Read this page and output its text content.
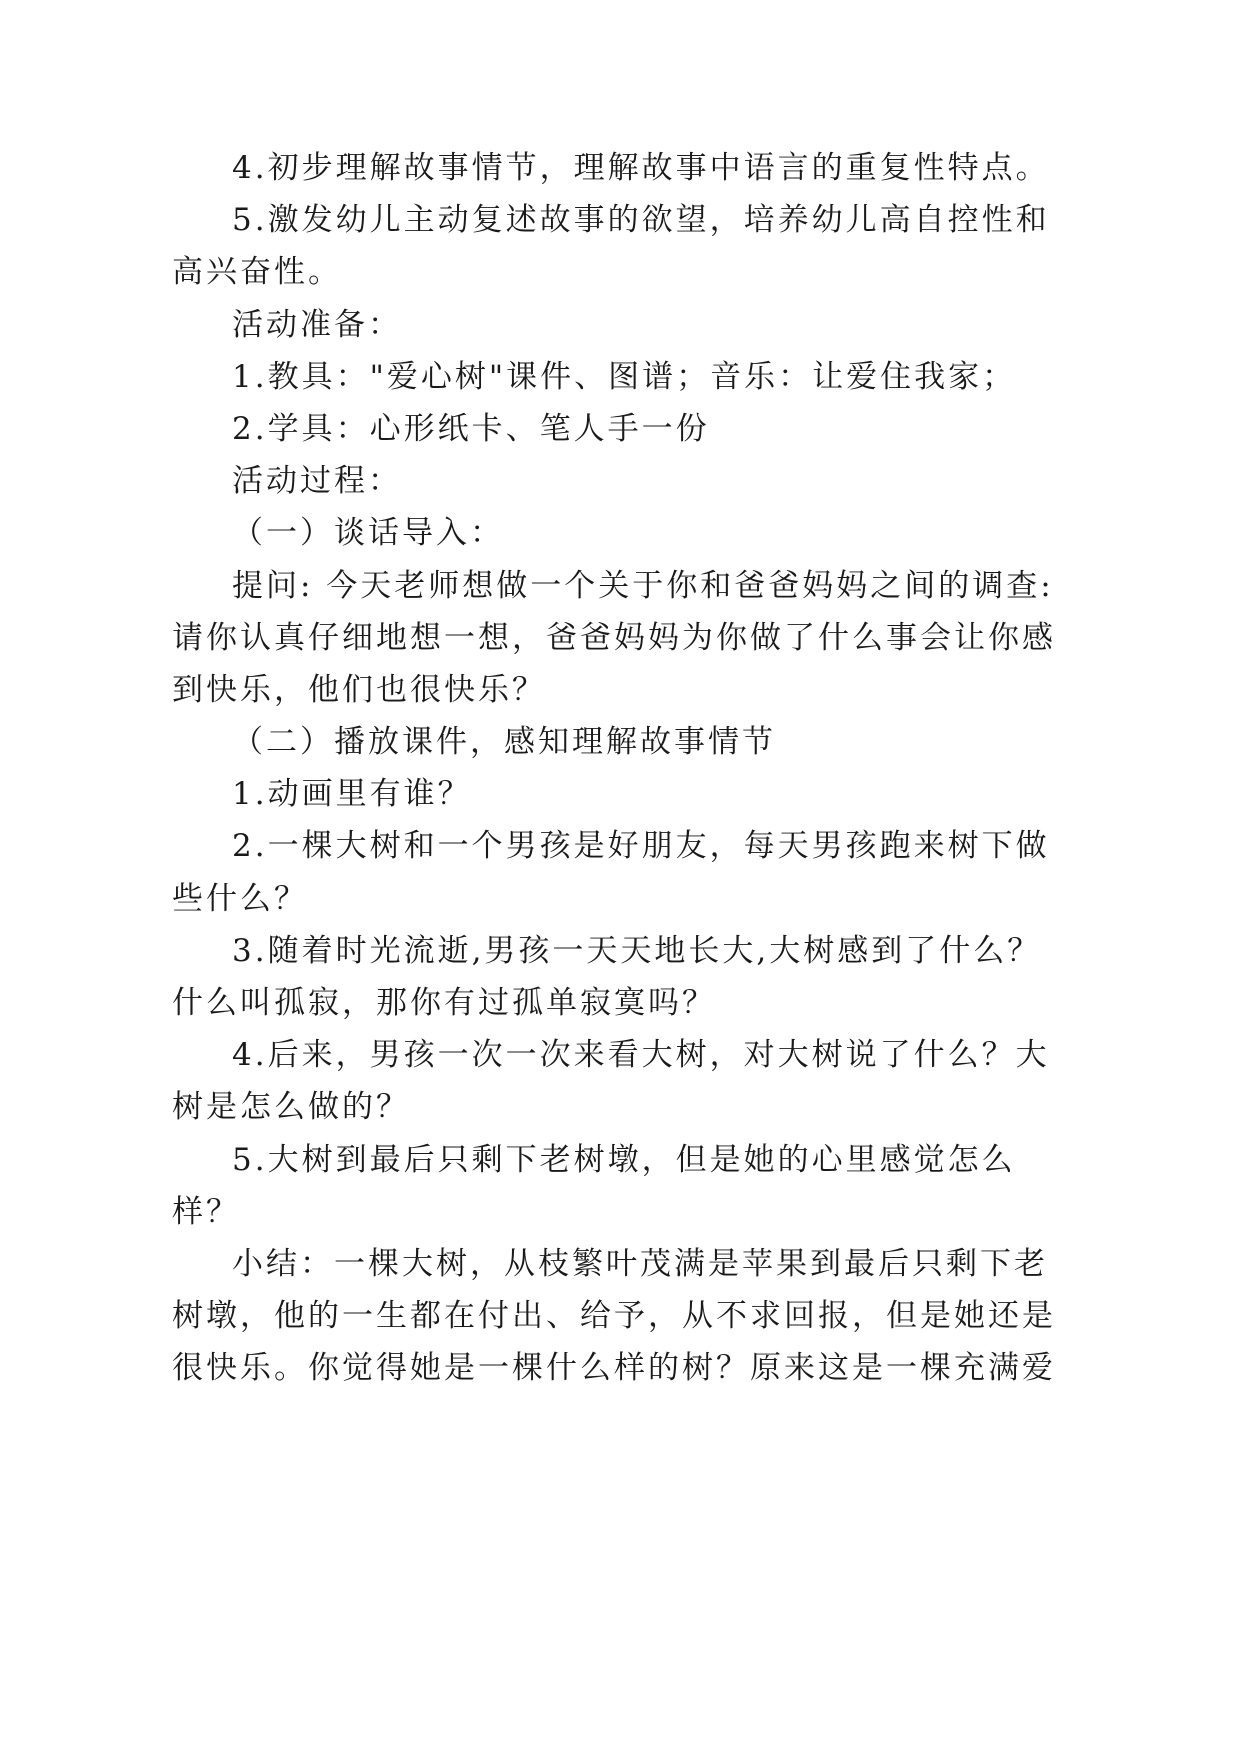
4.初步理解故事情节，理解故事中语言的重复性特点。
5.激发幼儿主动复述故事的欲望，培养幼儿高自控性和
高兴奋性。
活动准备：
1.教具："爱心树"课件、图谱；音乐：让爱住我家；
2.学具：心形纸卡、笔人手一份
活动过程：
（一）谈话导入：
提问: 今天老师想做一个关于你和爸爸妈妈之间的调查:
请你认真仔细地想一想，爸爸妈妈为你做了什么事会让你感
到快乐，他们也很快乐？
（二）播放课件，感知理解故事情节
1.动画里有谁？
2.一棵大树和一个男孩是好朋友，每天男孩跑来树下做
些什么？
3.随着时光流逝,男孩一天天地长大,大树感到了什么？
什么叫孤寂，那你有过孤单寂寞吗？
4.后来，男孩一次一次来看大树，对大树说了什么？大
树是怎么做的？
5.大树到最后只剩下老树墩，但是她的心里感觉怎么
样？
小结：一棵大树，从枝繁叶茂满是苹果到最后只剩下老
树墩，他的一生都在付出、给予，从不求回报，但是她还是
很快乐。你觉得她是一棵什么样的树？原来这是一棵充满爱
